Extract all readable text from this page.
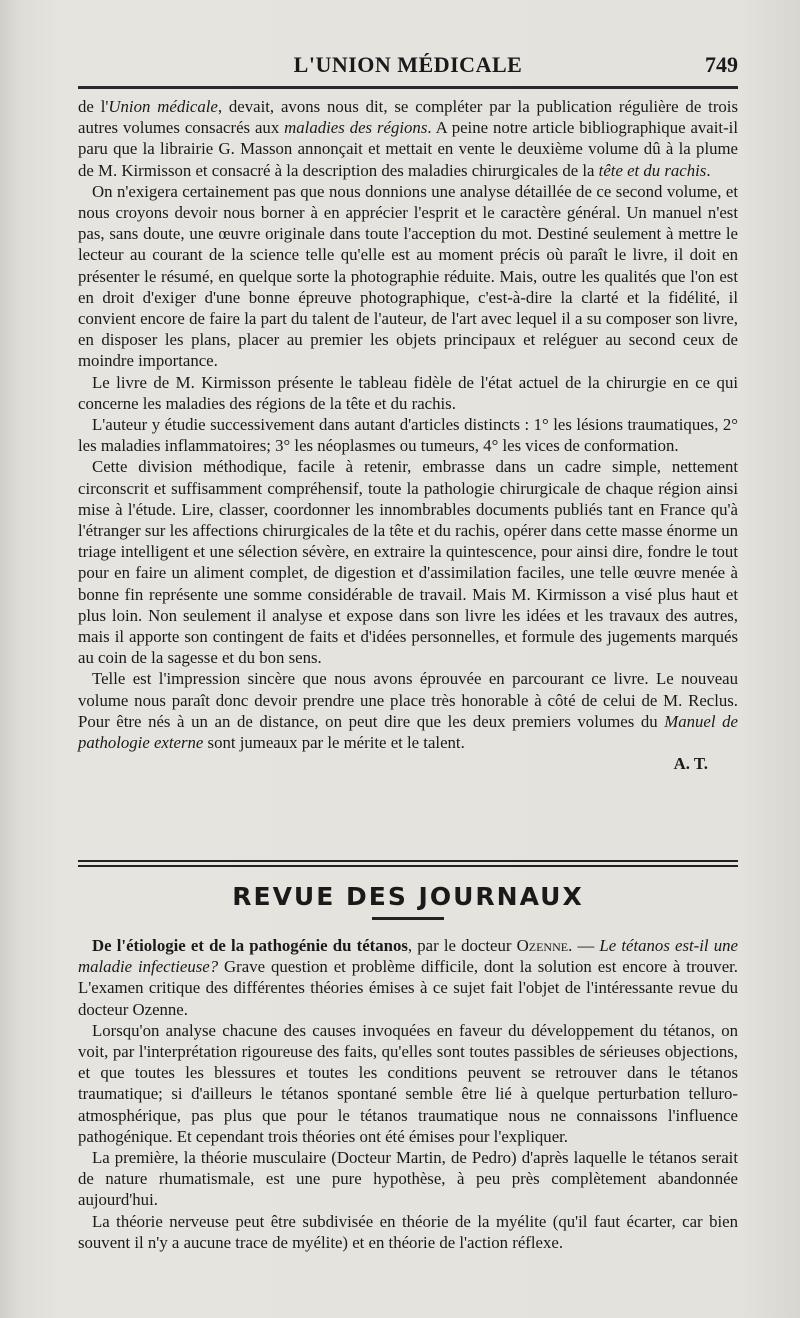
L'UNION MÉDICALE	749

de l'Union médicale, devait, avons nous dit, se compléter par la publication régulière de trois autres volumes consacrés aux maladies des régions. A peine notre article bibliographique avait-il paru que la librairie G. Masson annonçait et mettait en vente le deuxième volume dû à la plume de M. Kirmisson et consacré à la description des maladies chirurgicales de la tête et du rachis.

On n'exigera certainement pas que nous donnions une analyse détaillée de ce second volume, et nous croyons devoir nous borner à en apprécier l'esprit et le caractère général. Un manuel n'est pas, sans doute, une œuvre originale dans toute l'acception du mot. Destiné seulement à mettre le lecteur au courant de la science telle qu'elle est au moment précis où paraît le livre, il doit en présenter le résumé, en quelque sorte la photographie réduite. Mais, outre les qualités que l'on est en droit d'exiger d'une bonne épreuve photographique, c'est-à-dire la clarté et la fidélité, il convient encore de faire la part du talent de l'auteur, de l'art avec lequel il a su composer son livre, en disposer les plans, placer au premier les objets principaux et reléguer au second ceux de moindre importance.

Le livre de M. Kirmisson présente le tableau fidèle de l'état actuel de la chirurgie en ce qui concerne les maladies des régions de la tête et du rachis.

L'auteur y étudie successivement dans autant d'articles distincts : 1° les lésions traumatiques, 2° les maladies inflammatoires; 3° les néoplasmes ou tumeurs, 4° les vices de conformation.

Cette division méthodique, facile à retenir, embrasse dans un cadre simple, nettement circonscrit et suffisamment compréhensif, toute la pathologie chirurgicale de chaque région ainsi mise à l'étude. Lire, classer, coordonner les innombrables documents publiés tant en France qu'à l'étranger sur les affections chirurgicales de la tête et du rachis, opérer dans cette masse énorme un triage intelligent et une sélection sévère, en extraire la quintescence, pour ainsi dire, fondre le tout pour en faire un aliment complet, de digestion et d'assimilation faciles, une telle œuvre menée à bonne fin représente une somme considérable de travail. Mais M. Kirmisson a visé plus haut et plus loin. Non seulement il analyse et expose dans son livre les idées et les travaux des autres, mais il apporte son contingent de faits et d'idées personnelles, et formule des jugements marqués au coin de la sagesse et du bon sens.

Telle est l'impression sincère que nous avons éprouvée en parcourant ce livre. Le nouveau volume nous paraît donc devoir prendre une place très honorable à côté de celui de M. Reclus. Pour être nés à un an de distance, on peut dire que les deux premiers volumes du Manuel de pathologie externe sont jumeaux par le mérite et le talent.

A. T.

REVUE DES JOURNAUX

De l'étiologie et de la pathogénie du tétanos, par le docteur Ozenne. — Le tétanos est-il une maladie infectieuse? Grave question et problème difficile, dont la solution est encore à trouver. L'examen critique des différentes théories émises à ce sujet fait l'objet de l'intéressante revue du docteur Ozenne.

Lorsqu'on analyse chacune des causes invoquées en faveur du développement du tétanos, on voit, par l'interprétation rigoureuse des faits, qu'elles sont toutes passibles de sérieuses objections, et que toutes les blessures et toutes les conditions peuvent se retrouver dans le tétanos traumatique; si d'ailleurs le tétanos spontané semble être lié à quelque perturbation telluro-atmosphérique, pas plus que pour le tétanos traumatique nous ne connaissons l'influence pathogénique. Et cependant trois théories ont été émises pour l'expliquer.

La première, la théorie musculaire (Docteur Martin, de Pedro) d'après laquelle le tétanos serait de nature rhumatismale, est une pure hypothèse, à peu près complètement abandonnée aujourd'hui.

La théorie nerveuse peut être subdivisée en théorie de la myélite (qu'il faut écarter, car bien souvent il n'y a aucune trace de myélite) et en théorie de l'action réflexe.
